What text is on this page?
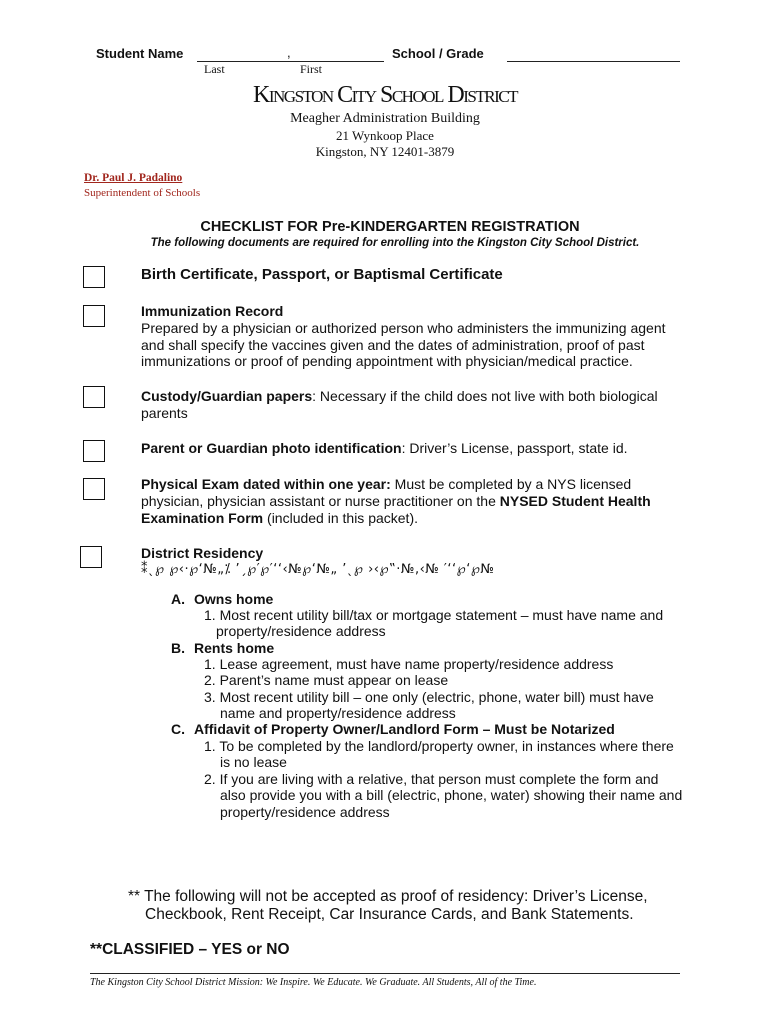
Student Name	,
Last	First
School / Grade
Kingston City School District
Meagher Administration Building
21 Wynkoop Place
Kingston, NY 12401-3879
Dr. Paul J. Padalino
Superintendent of Schools
CHECKLIST FOR Pre-KINDERGARTEN REGISTRATION
The following documents are required for enrolling into the Kingston City School District.
Birth Certificate, Passport, or Baptismal Certificate
Immunization Record
Prepared by a physician or authorized person who administers the immunizing agent
and shall specify the vaccines given and the dates of administration, proof of past
immunizations or proof of pending appointment with physician/medical practice.
Custody/Guardian papers: Necessary if the child does not live with both biological
parents
Parent or Guardian photo identification: Driver’s License, passport, state id.
Physical Exam dated within one year: Must be completed by a NYS licensed
physician, physician assistant or nurse practitioner on the NYSED Student Health
Examination Form (included in this packet).
District Residency
⁑ˎ℘ ℘‹‧℘‘№„⁒ ’ˏ℘′℘′‘‘‹№℘‘№„ ’ˎ℘ ›‹℘‟‧№‚‹№ ′‘‘℘‘℘№
A. Owns home
1. Most recent utility bill/tax or mortgage statement – must have name and
property/residence address
B. Rents home
1. Lease agreement, must have name property/residence address
2. Parent’s name must appear on lease
3. Most recent utility bill – one only (electric, phone, water bill) must have
name and property/residence address
C. Affidavit of Property Owner/Landlord Form – Must be Notarized
1. To be completed by the landlord/property owner, in instances where there
is no lease
2. If you are living with a relative, that person must complete the form and
also provide you with a bill (electric, phone, water) showing their name and
property/residence address
** The following will not be accepted as proof of residency: Driver’s License,
Checkbook, Rent Receipt, Car Insurance Cards, and Bank Statements.
**CLASSIFIED – YES or NO
The Kingston City School District Mission: We Inspire. We Educate. We Graduate. All Students, All of the Time.
